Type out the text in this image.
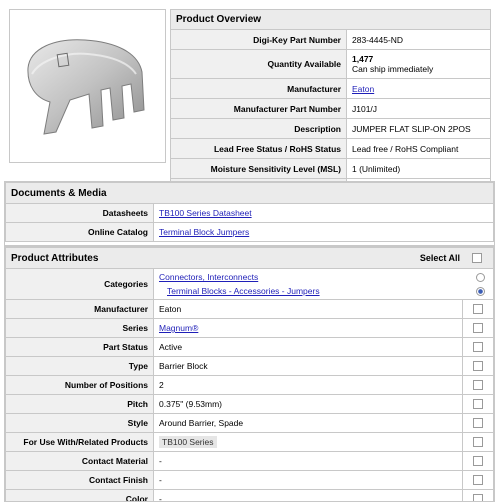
Product Overview	
Digi-Key Part Number	283-4445-ND
Quantity Available	1,477
Can ship immediately

Manufacturer	Eaton
Manufacturer Part Number	J101/J
Description	JUMPER FLAT SLIP-ON 2POS
Lead Free Status / RoHS Status	Lead free / RoHS Compliant
Moisture Sensitivity Level (MSL)	1 (Unlimited)

Documents & Media	
Datasheets	TB100 Series Datasheet
Online Catalog	Terminal Block Jumpers
Product Attributes Select All		

Categories	Connectors, Interconnects
Terminal Blocks - Accessories - Jumpers	

Manufacturer	Eaton	
Series	Magnum®	
Part Status	Active	
Type	Barrier Block	
Number of Positions	2	
Pitch	0.375" (9.53mm)	
Style	Around Barrier, Spade	
For Use With/Related Products	TB100 Series	
Contact Material	-	
Contact Finish	-	
Color	-	
